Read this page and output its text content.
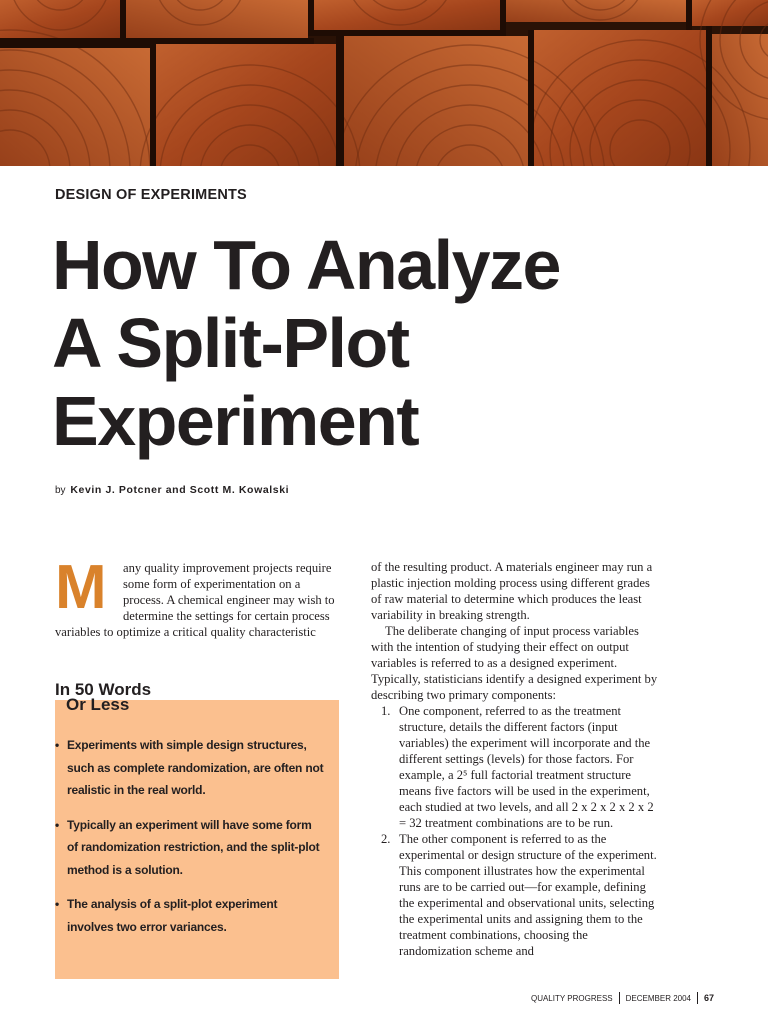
DESIGN OF EXPERIMENTS
How To Analyze
A Split-Plot
Experiment
by Kevin J. Potcner and Scott M. Kowalski
M	any quality improvement projects require some form of experimentation on a process. A chemical engineer may wish to determine the settings for certain process variables to optimize a critical quality characteristic

In 50 Words
Or Less
• Experiments with simple design structures, such as complete randomization, are often not realistic in the real world.
• Typically an experiment will have some form of randomization restriction, and the split-plot method is a solution.
• The analysis of a split-plot experiment involves two error variances.

of the resulting product. A materials engineer may run a plastic injection molding process using different grades of raw material to determine which produces the least variability in breaking strength.

The deliberate changing of input process variables with the intention of studying their effect on output variables is referred to as a designed experiment. Typically, statisticians identify a designed experiment by describing two primary components:

1. One component, referred to as the treatment structure, details the different factors (input variables) the experiment will incorporate and the different settings (levels) for those factors. For example, a 2⁵ full factorial treatment structure means five factors will be used in the experiment, each studied at two levels, and all 2 x 2 x 2 x 2 x 2 = 32 treatment combinations are to be run.
2. The other component is referred to as the experimental or design structure of the experiment. This component illustrates how the experimental runs are to be carried out—for example, defining the experimental and observational units, selecting the experimental units and assigning them to the treatment combinations, choosing the randomization scheme and
QUALITY PROGRESS DECEMBER 2004 67
